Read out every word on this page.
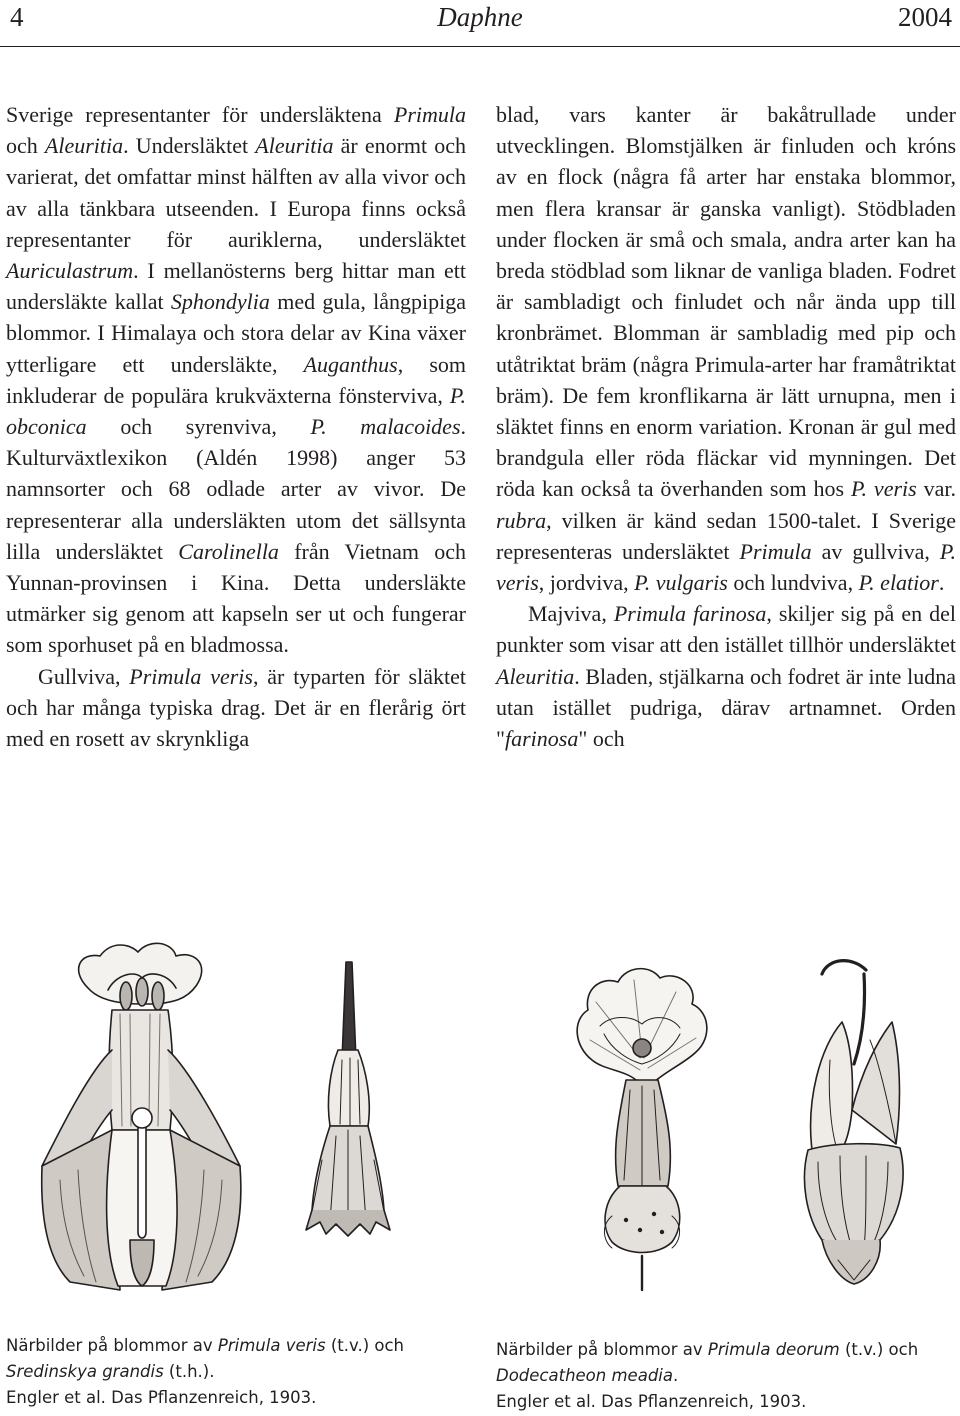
4	Daphne	2004

Sverige representanter för undersläktena Primula och Aleuritia. Undersläktet Aleuritia är enormt och varierat, det omfattar minst hälften av alla vivor och av alla tänkbara utseenden. I Europa finns också representanter för auriklerna, undersläktet Auriculastrum. I mellanösterns berg hittar man ett undersläkte kallat Sphondylia med gula, långpipiga blommor. I Himalaya och stora delar av Kina växer ytterligare ett undersläkte, Auganthus, som inkluderar de populära krukväxterna fönsterviva, P. obconica och syrenviva, P. malacoides. Kulturväxtlexikon (Aldén 1998) anger 53 namnsorter och 68 odlade arter av vivor. De representerar alla undersläkten utom det sällsynta lilla undersläktet Carolinella från Vietnam och Yunnan-provinsen i Kina. Detta undersläkte utmärker sig genom att kapseln ser ut och fungerar som sporhuset på en bladmossa.

Gullviva, Primula veris, är typarten för släktet och har många typiska drag. Det är en flerårig ört med en rosett av skrynkliga

blad, vars kanter är bakåtrullade under utvecklingen. Blomstjälken är finluden och króns av en flock (några få arter har enstaka blommor, men flera kransar är ganska vanligt). Stödbladen under flocken är små och smala, andra arter kan ha breda stödblad som liknar de vanliga bladen. Fodret är sambladigt och finludet och når ända upp till kronbrämet. Blomman är sambladig med pip och utåtriktat bräm (några Primula-arter har framåtriktat bräm). De fem kronflikarna är lätt urnupna, men i släktet finns en enorm variation. Kronan är gul med brandgula eller röda fläckar vid mynningen. Det röda kan också ta överhanden som hos P. veris var. rubra, vilken är känd sedan 1500-talet. I Sverige representeras undersläktet Primula av gullviva, P. veris, jordviva, P. vulgaris och lundviva, P. elatior.

Majviva, Primula farinosa, skiljer sig på en del punkter som visar att den istället tillhör undersläktet Aleuritia. Bladen, stjälkarna och fodret är inte ludna utan istället pudriga, därav artnamnet. Orden "farinosa" och

Närbilder på blommor av Primula veris (t.v.) och
Sredinskya grandis (t.h.).
Engler et al. Das Pflanzenreich, 1903.
Närbilder på blommor av Primula deorum (t.v.) och
Dodecatheon meadia.
Engler et al. Das Pflanzenreich, 1903.
